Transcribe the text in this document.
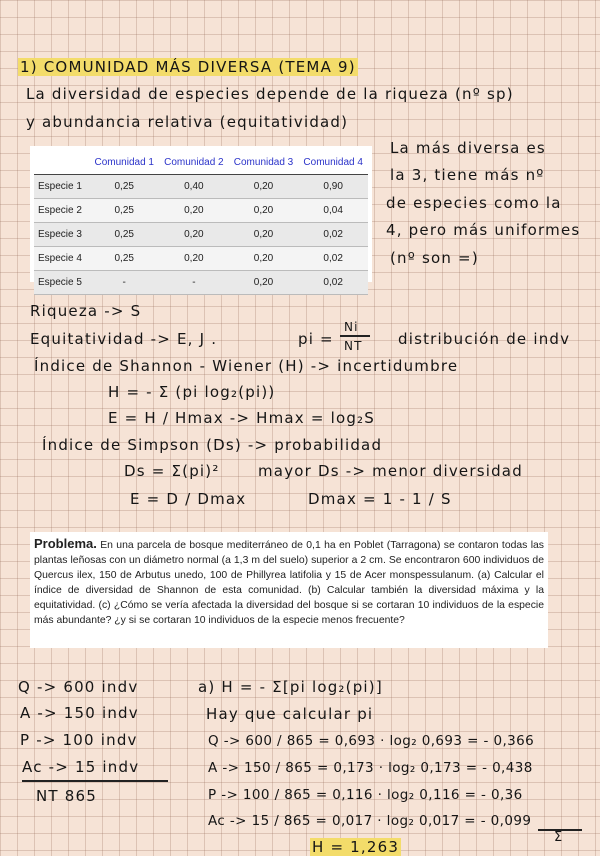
1) COMUNIDAD MÁS DIVERSA (TEMA 9)
La diversidad de especies depende de la riqueza (nº sp)
y abundancia relativa (equitatividad)
	Comunidad 1	Comunidad 2	Comunidad 3	Comunidad 4
Especie 1	0,25	0,40	0,20	0,90
Especie 2	0,25	0,20	0,20	0,04
Especie 3	0,25	0,20	0,20	0,02
Especie 4	0,25	0,20	0,20	0,02
Especie 5	-	-	0,20	0,02
La más diversa es
la 3, tiene más nº
de especies como la
4, pero más uniformes
(nº son =)
Riqueza -> S
Equitatividad -> E, J .	pi =
Ni
NT distribución de indv
Índice de Shannon - Wiener (H) -> incertidumbre
H = - Σ (pi log₂(pi))
E = H / Hmax -> Hmax = log₂S
Índice de Simpson (Ds) -> probabilidad
Ds = Σ(pi)²	mayor Ds -> menor diversidad
E = D / Dmax	Dmax = 1 - 1 / S
Problema. En una parcela de bosque mediterráneo de 0,1 ha en Poblet (Tarragona) se contaron todas las plantas leñosas con un diámetro normal (a 1,3 m del suelo) superior a 2 cm. Se encontraron 600 individuos de Quercus ilex, 150 de Arbutus unedo, 100 de Phillyrea latifolia y 15 de Acer monspessulanum. (a) Calcular el índice de diversidad de Shannon de esta comunidad. (b) Calcular también la diversidad máxima y la equitatividad. (c) ¿Cómo se vería afectada la diversidad del bosque si se cortaran 10 individuos de la especie más abundante? ¿y si se cortaran 10 individuos de la especie menos frecuente?
Q -> 600 indv
A -> 150 indv
P -> 100 indv
Ac -> 15 indv
NT 865
a) H = - Σ[pi log₂(pi)]
Hay que calcular pi
Q -> 600 / 865 = 0,693 · log₂ 0,693 = - 0,366
A -> 150 / 865 = 0,173 · log₂ 0,173 = - 0,438
P -> 100 / 865 = 0,116 · log₂ 0,116 = - 0,36
Ac -> 15 / 865 = 0,017 · log₂ 0,017 = - 0,099
Σ
H = 1,263
